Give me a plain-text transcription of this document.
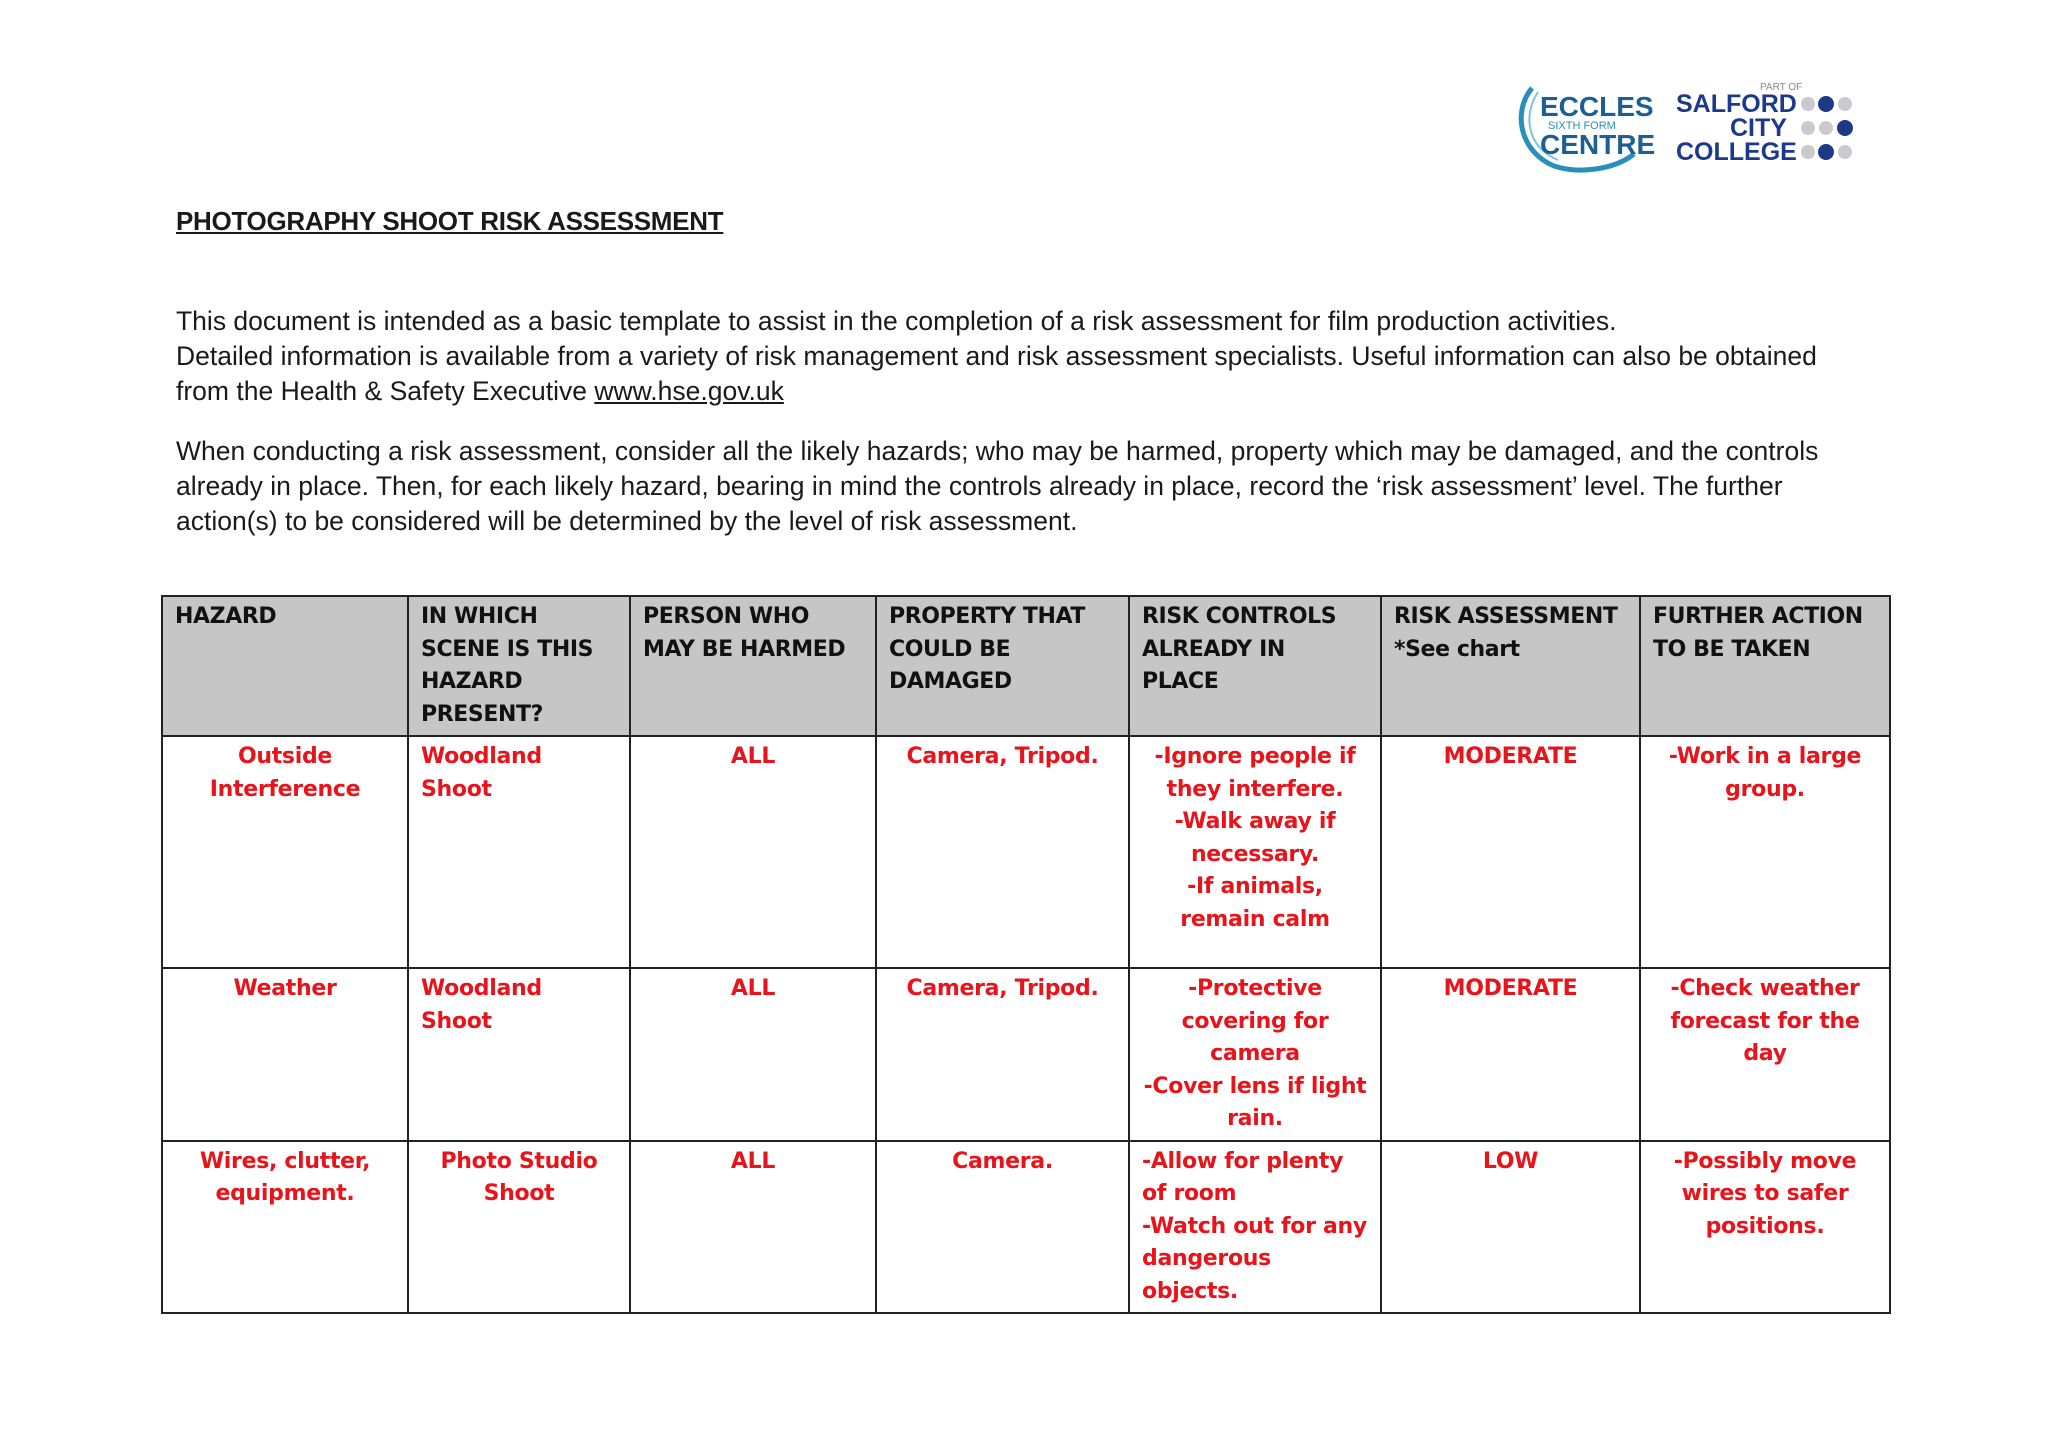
ECCLES
SIXTH FORM
CENTRE
PART OF
SALFORD
CITY
COLLEGE
PHOTOGRAPHY SHOOT RISK ASSESSMENT
This document is intended as a basic template to assist in the completion of a risk assessment for film production activities.
Detailed information is available from a variety of risk management and risk assessment specialists. Useful information can also be obtained
from the Health & Safety Executive www.hse.gov.uk
When conducting a risk assessment, consider all the likely hazards; who may be harmed, property which may be damaged, and the controls
already in place. Then, for each likely hazard, bearing in mind the controls already in place, record the ‘risk assessment’ level. The further
action(s) to be considered will be determined by the level of risk assessment.
HAZARD	IN WHICH SCENE IS THIS HAZARD PRESENT?	PERSON WHO MAY BE HARMED	PROPERTY THAT COULD BE DAMAGED	RISK CONTROLS ALREADY IN PLACE	RISK ASSESSMENT *See chart	FURTHER ACTION TO BE TAKEN
Outside Interference	Woodland Shoot	ALL	Camera, Tripod.	-Ignore people if they interfere.
-Walk away if necessary.
-If animals, remain calm	MODERATE	-Work in a large group.
Weather	Woodland Shoot	ALL	Camera, Tripod.	-Protective covering for camera
-Cover lens if light rain.	MODERATE	-Check weather forecast for the day
Wires, clutter, equipment.	Photo Studio Shoot	ALL	Camera.	-Allow for plenty of room
-Watch out for any dangerous objects.	LOW	-Possibly move wires to safer positions.
